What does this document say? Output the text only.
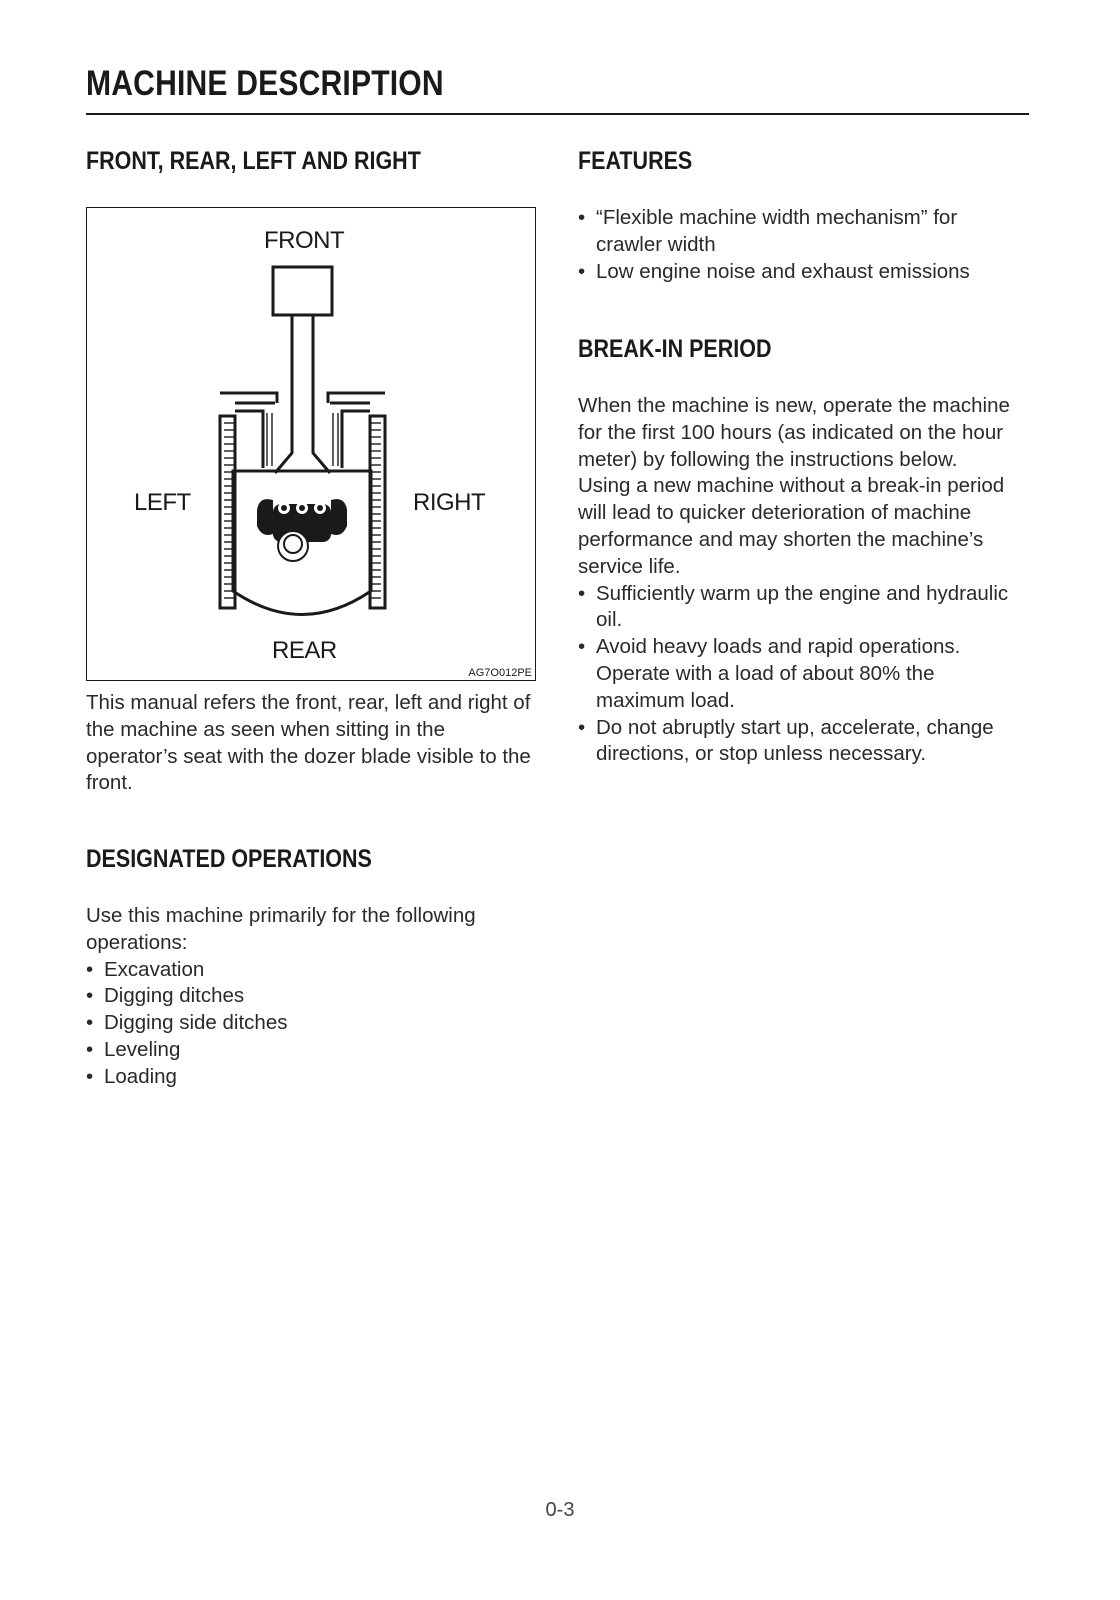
MACHINE DESCRIPTION
FRONT, REAR, LEFT AND RIGHT
FRONT
LEFT	RIGHT
REAR
AG7O012PE

This manual refers the front, rear, left and right of the machine as seen when sitting in the operator’s seat with the dozer blade visible to the front.

DESIGNATED OPERATIONS

Use this machine primarily for the following operations:

• Excavation
• Digging ditches
• Digging side ditches
• Leveling
• Loading
FEATURES
• “Flexible machine width mechanism” for crawler width
• Low engine noise and exhaust emissions
BREAK-IN PERIOD

When the machine is new, operate the machine for the first 100 hours (as indicated on the hour meter) by following the instructions below.

Using a new machine without a break-in period will lead to quicker deterioration of machine performance and may shorten the machine’s service life.

• Sufficiently warm up the engine and hydraulic oil.
• Avoid heavy loads and rapid operations. Operate with a load of about 80% the maximum load.
• Do not abruptly start up, accelerate, change directions, or stop unless necessary.
0-3
